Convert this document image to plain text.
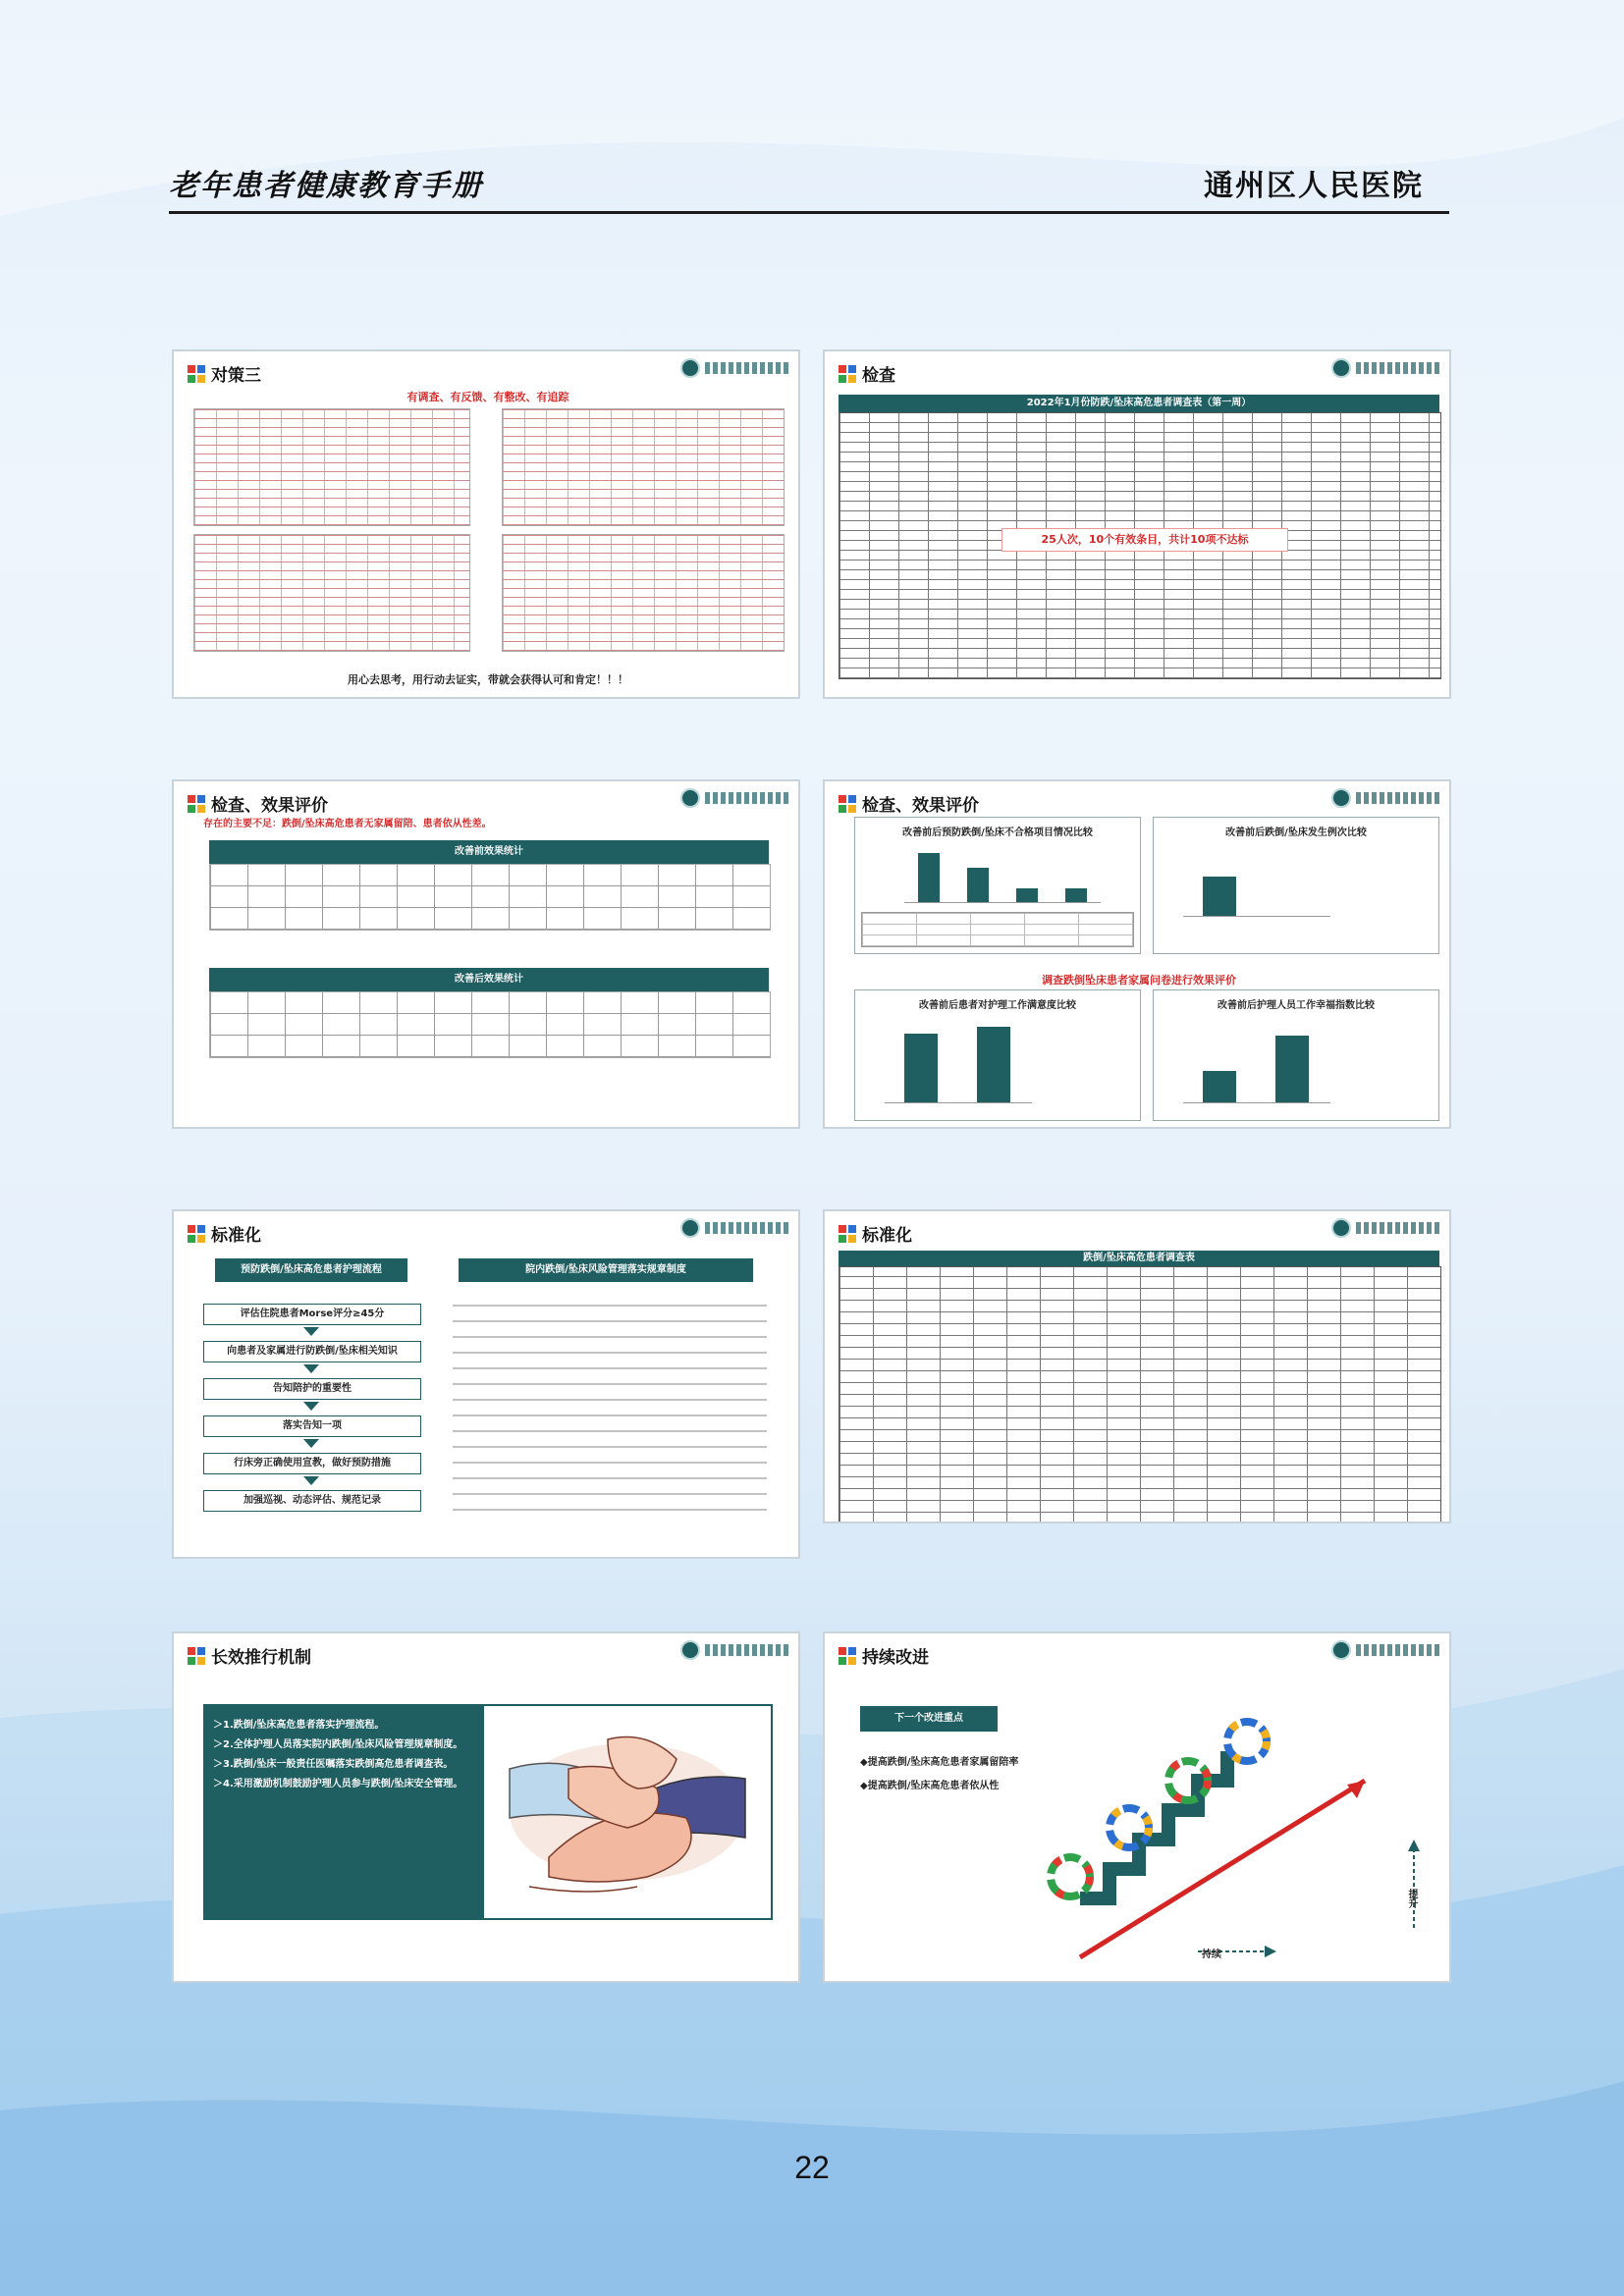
老年患者健康教育手册	通州区人民医院
对策三
有调查、有反馈、有整改、有追踪
用心去思考，用行动去证实，带就会获得认可和肯定！！！
检查
2022年1月份防跌/坠床高危患者调查表（第一周）
25人次，10个有效条目，共计10项不达标
检查、效果评价
存在的主要不足：跌倒/坠床高危患者无家属留陪、患者依从性差。
改善前效果统计
改善后效果统计
检查、效果评价
改善前后预防跌倒/坠床不合格项目情况比较	改善前后跌倒/坠床发生例次比较
调查跌倒坠床患者家属问卷进行效果评价
改善前后患者对护理工作满意度比较	改善前后护理人员工作幸福指数比较
标准化
预防跌倒/坠床高危患者护理流程	院内跌倒/坠床风险管理落实规章制度
评估住院患者Morse评分≥45分
向患者及家属进行防跌倒/坠床相关知识
告知陪护的重要性
落实告知一项
行床旁正确使用宣教，做好预防措施
加强巡视、动态评估、规范记录
标准化
跌倒/坠床高危患者调查表
长效推行机制
＞1.跌倒/坠床高危患者落实护理流程。
＞2.全体护理人员落实院内跌倒/坠床风险管理规章制度。
＞3.跌倒/坠床一般责任医嘱落实跌倒高危患者调查表。
＞4.采用激励机制鼓励护理人员参与跌倒/坠床安全管理。
持续改进
下一个改进重点
◆提高跌倒/坠床高危患者家属留陪率
◆提高跌倒/坠床高危患者依从性
持续
提升
22
